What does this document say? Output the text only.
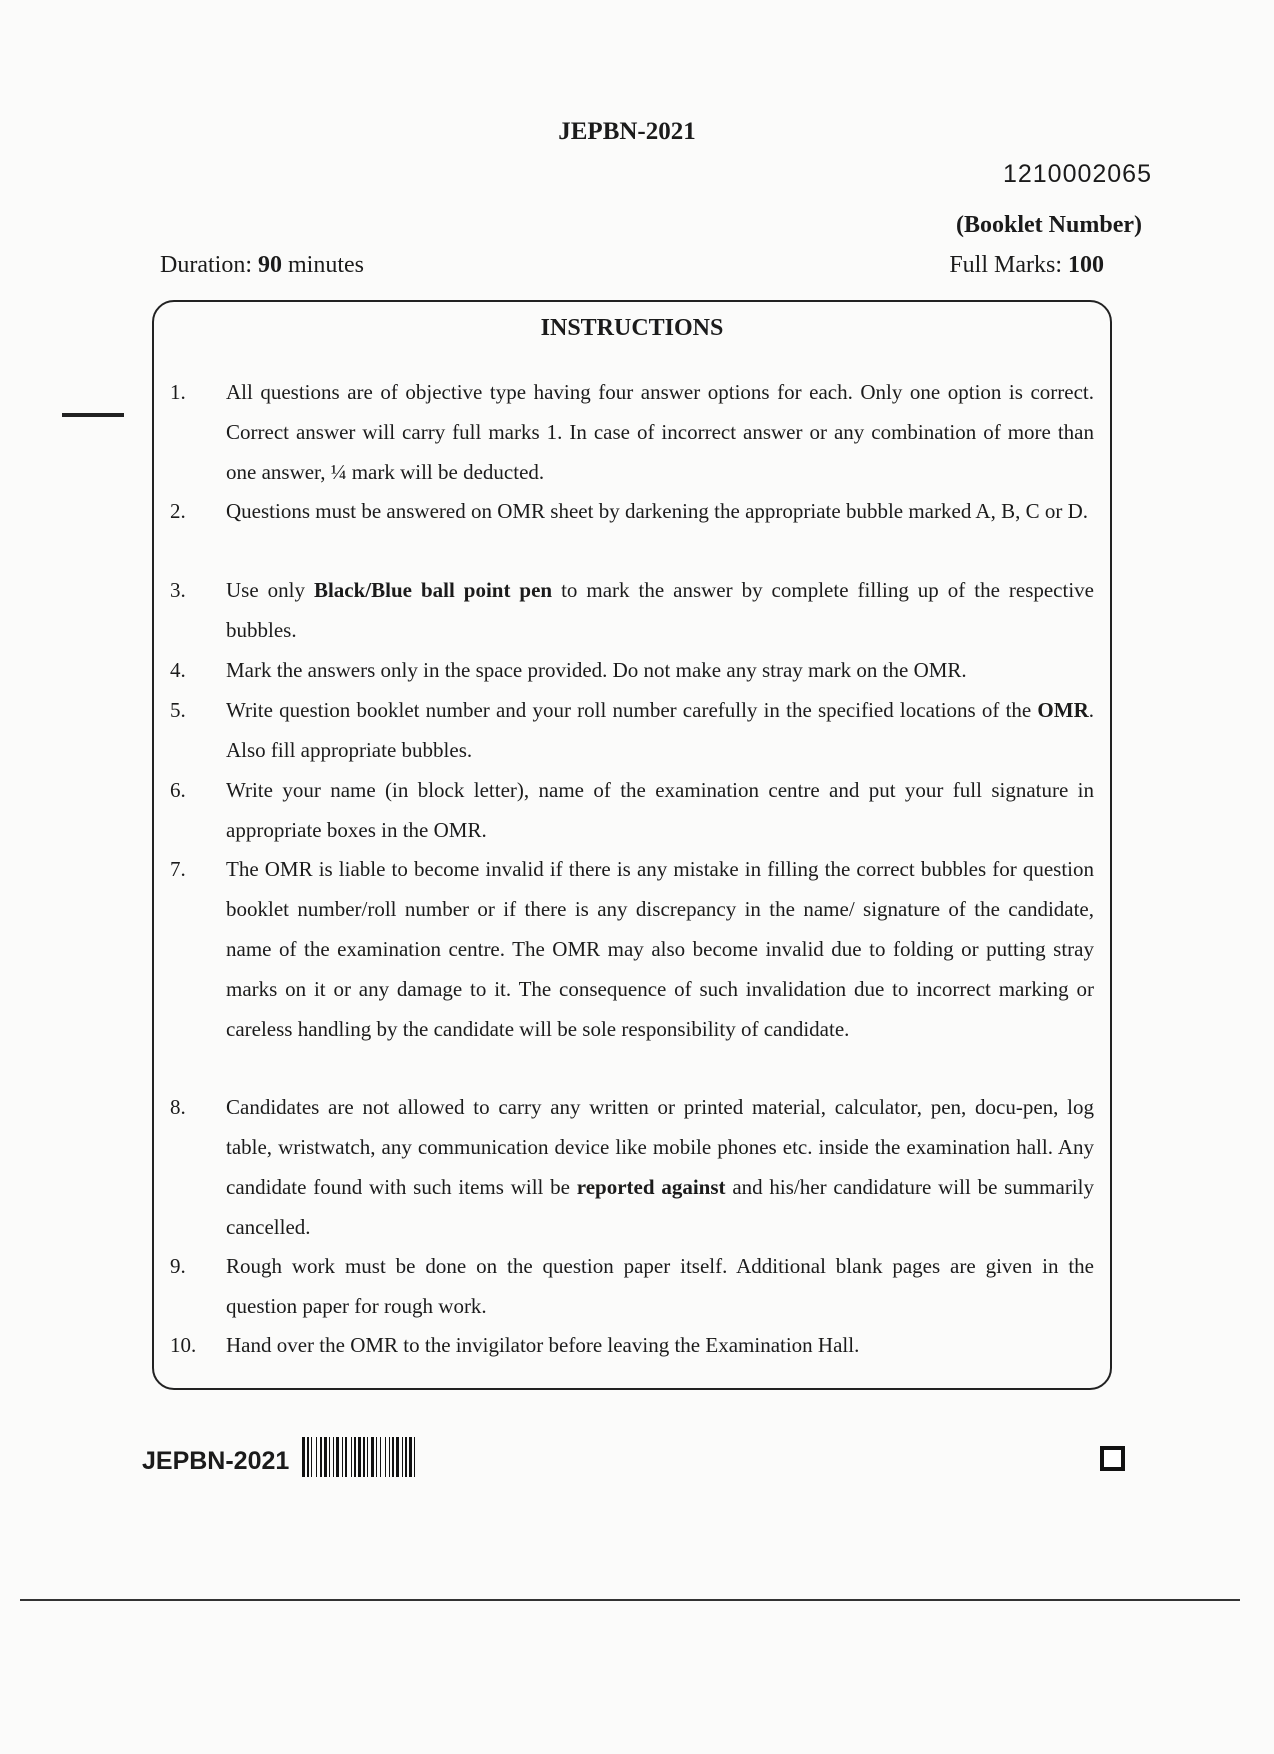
JEPBN-2021
1210002065
(Booklet Number)
Duration: 90 minutes	Full Marks: 100
INSTRUCTIONS
1.	All questions are of objective type having four answer options for each. Only one option is correct. Correct answer will carry full marks 1. In case of incorrect answer or any combination of more than one answer, ¼ mark will be deducted.
2.	Questions must be answered on OMR sheet by darkening the appropriate bubble marked A, B, C or D.
3.	Use only Black/Blue ball point pen to mark the answer by complete filling up of the respective bubbles.
4.	Mark the answers only in the space provided. Do not make any stray mark on the OMR.
5.	Write question booklet number and your roll number carefully in the specified locations of the OMR. Also fill appropriate bubbles.
6.	Write your name (in block letter), name of the examination centre and put your full signature in appropriate boxes in the OMR.
7.	The OMR is liable to become invalid if there is any mistake in filling the correct bubbles for question booklet number/roll number or if there is any discrepancy in the name/ signature of the candidate, name of the examination centre. The OMR may also become invalid due to folding or putting stray marks on it or any damage to it. The consequence of such invalidation due to incorrect marking or careless handling by the candidate will be sole responsibility of candidate.
8.	Candidates are not allowed to carry any written or printed material, calculator, pen, docu-pen, log table, wristwatch, any communication device like mobile phones etc. inside the examination hall. Any candidate found with such items will be reported against and his/her candidature will be summarily cancelled.
9.	Rough work must be done on the question paper itself. Additional blank pages are given in the question paper for rough work.
10.	Hand over the OMR to the invigilator before leaving the Examination Hall.
JEPBN-2021
